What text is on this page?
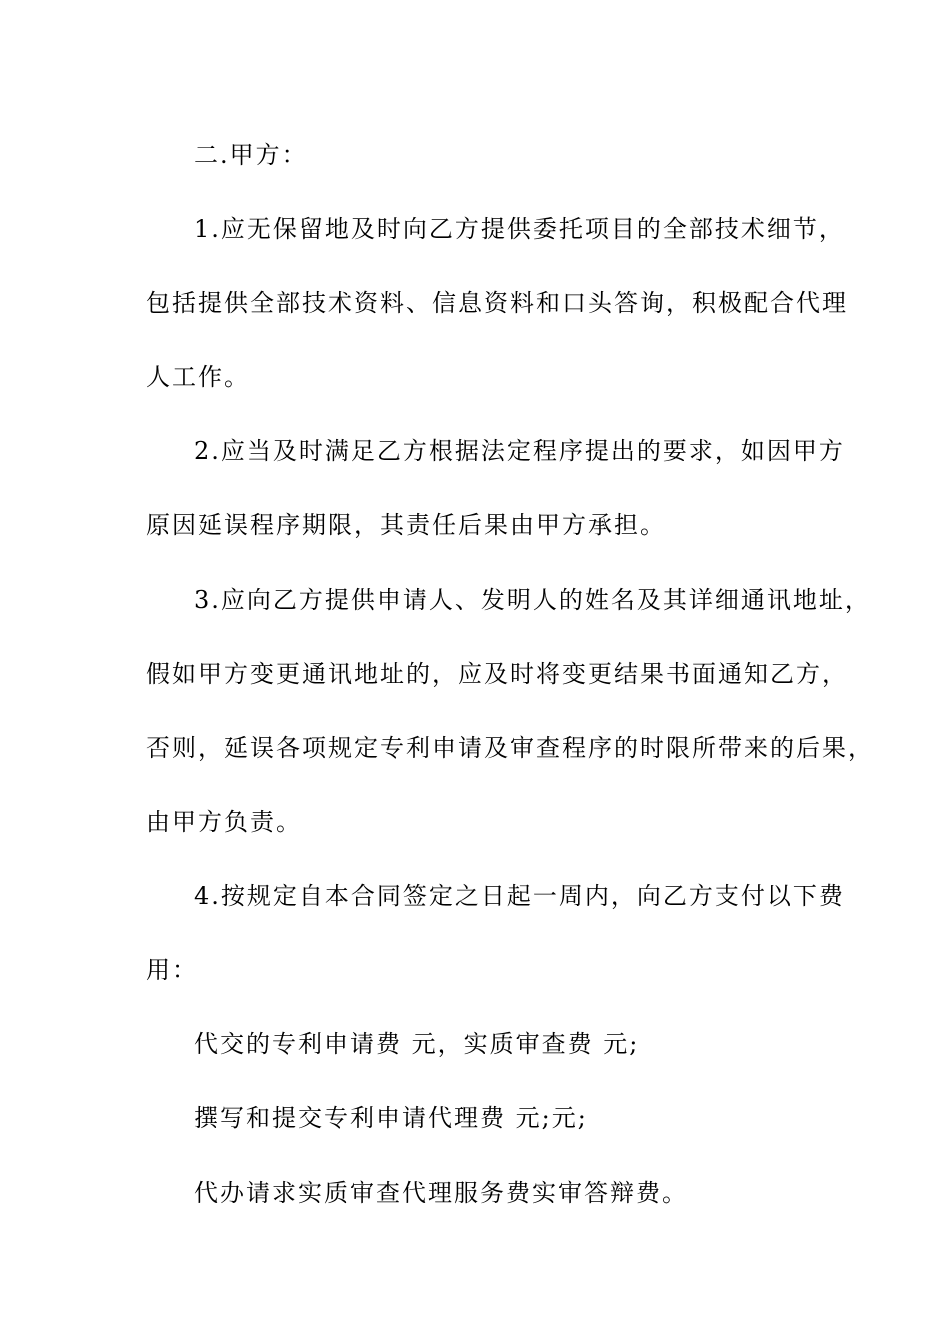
二.甲方：
1.应无保留地及时向乙方提供委托项目的全部技术细节，
包括提供全部技术资料、信息资料和口头答询，积极配合代理
人工作。
2.应当及时满足乙方根据法定程序提出的要求，如因甲方
原因延误程序期限，其责任后果由甲方承担。
3.应向乙方提供申请人、发明人的姓名及其详细通讯地址，
假如甲方变更通讯地址的，应及时将变更结果书面通知乙方，
否则，延误各项规定专利申请及审查程序的时限所带来的后果，
由甲方负责。
4.按规定自本合同签定之日起一周内，向乙方支付以下费
用：
代交的专利申请费 元，实质审查费 元;
撰写和提交专利申请代理费 元;元;
代办请求实质审查代理服务费实审答辩费。
